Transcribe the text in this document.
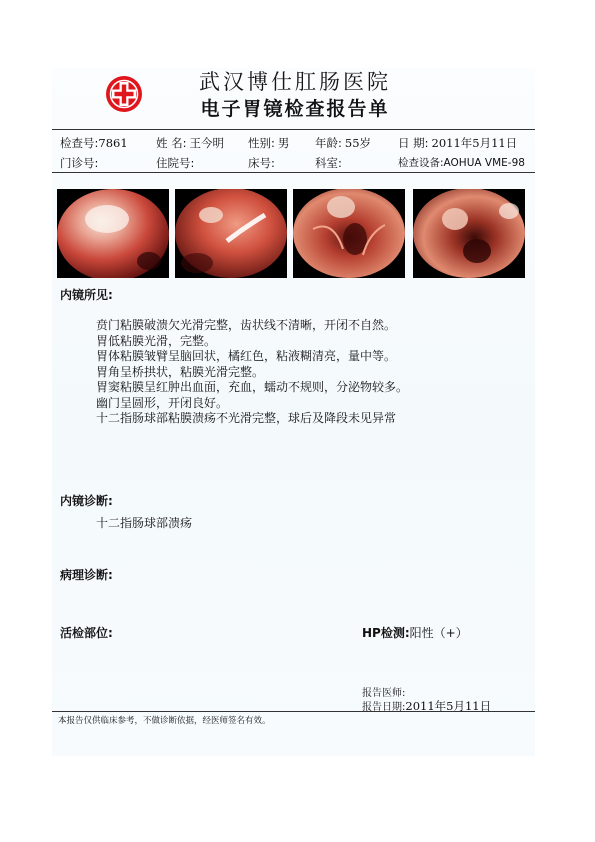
武汉博仕肛肠医院
电子胃镜检查报告单
检查号:7861 姓 名: 王今明 性别: 男 年龄: 55岁 日 期: 2011年5月11日
门诊号:	住院号:	床号:	科室:	检查设备:AOHUA VME-98
内镜所见:
贲门粘膜破溃欠光滑完整，齿状线不清晰，开闭不自然。
胃低粘膜光滑，完整。
胃体粘膜皱臂呈脑回状，橘红色，粘液糊清亮，量中等。
胃角呈桥拱状，粘膜光滑完整。
胃窦粘膜呈红肿出血面，充血，蠕动不规则，分泌物较多。
幽门呈圆形，开闭良好。
十二指肠球部粘膜溃疡不光滑完整，球后及降段未见异常
内镜诊断:
十二指肠球部溃疡
病理诊断:
活检部位:	HP检测:阳性（+）
报告医师:
报告日期:2011年5月11日
本报告仅供临床参考，不做诊断依据，经医师签名有效。
